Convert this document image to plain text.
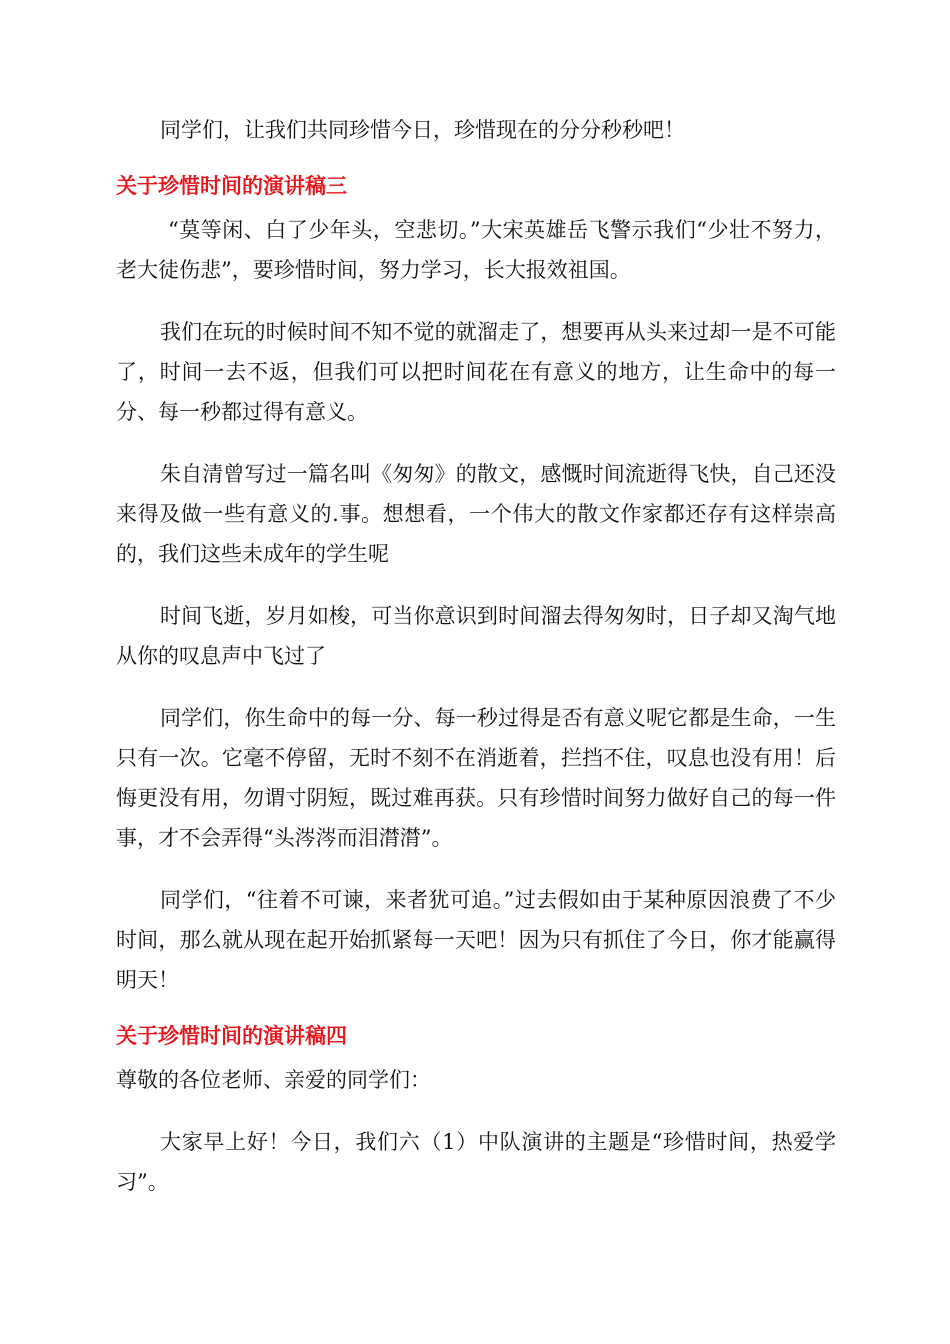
同学们，让我们共同珍惜今日，珍惜现在的分分秒秒吧！

关于珍惜时间的演讲稿三

“莫等闲、白了少年头，空悲切。”大宋英雄岳飞警示我们“少壮不努力，老大徒伤悲”，要珍惜时间，努力学习，长大报效祖国。

我们在玩的时候时间不知不觉的就溜走了，想要再从头来过却一是不可能了，时间一去不返，但我们可以把时间花在有意义的地方，让生命中的每一分、每一秒都过得有意义。

朱自清曾写过一篇名叫《匆匆》的散文，感慨时间流逝得飞快，自己还没来得及做一些有意义的.事。想想看，一个伟大的散文作家都还存有这样崇高的，我们这些未成年的学生呢

时间飞逝，岁月如梭，可当你意识到时间溜去得匆匆时，日子却又淘气地从你的叹息声中飞过了

同学们，你生命中的每一分、每一秒过得是否有意义呢它都是生命，一生只有一次。它毫不停留，无时不刻不在消逝着，拦挡不住，叹息也没有用！后悔更没有用，勿谓寸阴短，既过难再获。只有珍惜时间努力做好自己的每一件事，才不会弄得“头涔涔而泪潸潸”。

同学们，“往着不可谏，来者犹可追。”过去假如由于某种原因浪费了不少时间，那么就从现在起开始抓紧每一天吧！因为只有抓住了今日，你才能赢得明天！

关于珍惜时间的演讲稿四

尊敬的各位老师、亲爱的同学们：

大家早上好！今日，我们六（1）中队演讲的主题是“珍惜时间，热爱学习”。
